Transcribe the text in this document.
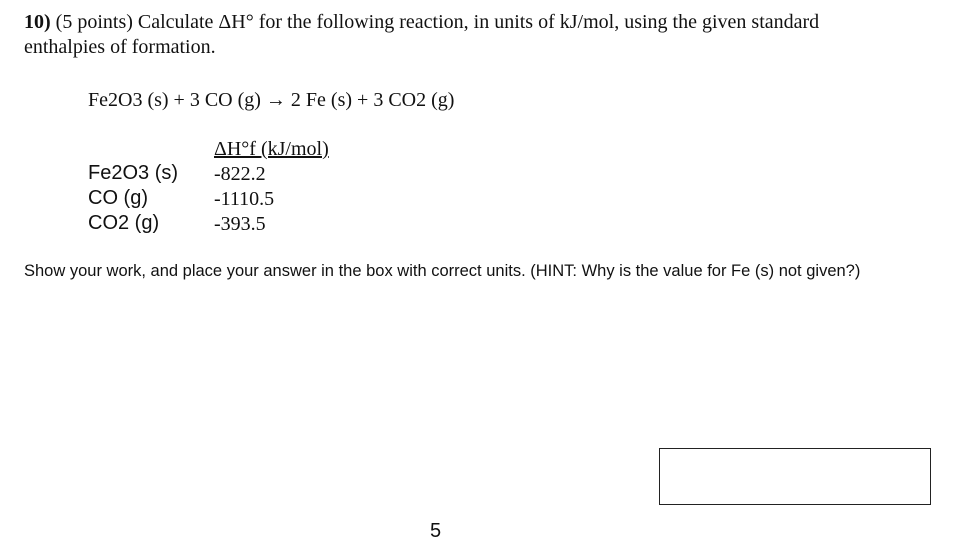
10) (5 points) Calculate ΔH° for the following reaction, in units of kJ/mol, using the given standard enthalpies of formation.
Fe2O3 (s) + 3 CO (g) → 2 Fe (s) + 3 CO2 (g)
Fe2O3 (s)
CO (g)
CO2 (g)
ΔH°f (kJ/mol)
-822.2
-1110.5
-393.5
Show your work, and place your answer in the box with correct units. (HINT: Why is the value for Fe (s) not given?)
5
